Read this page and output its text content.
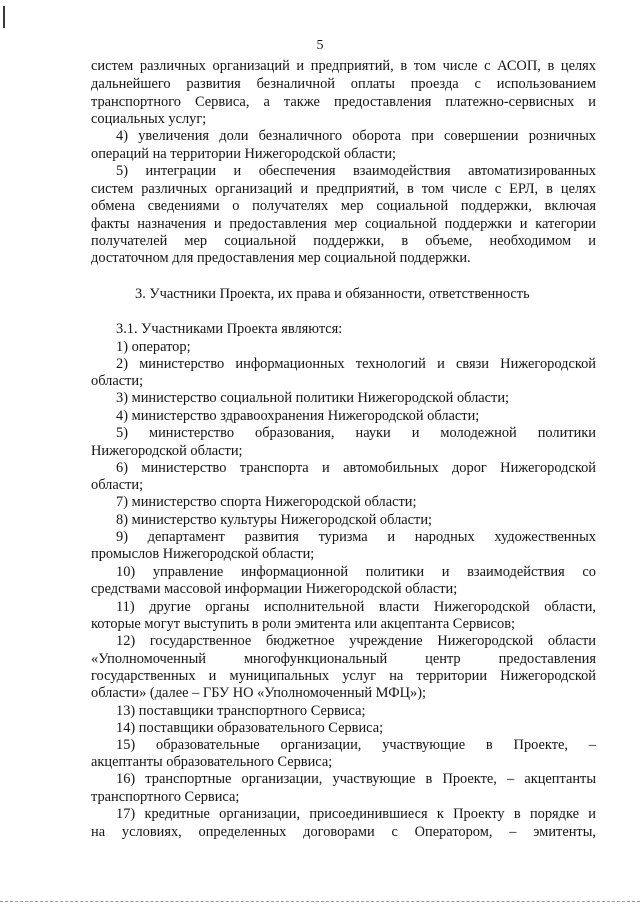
5
систем различных организаций и предприятий, в том числе с АСОП, в целях
дальнейшего развития безналичной оплаты проезда с использованием
транспортного Сервиса, а также предоставления платежно-сервисных и
социальных услуг;
4) увеличения доли безналичного оборота при совершении розничных
операций на территории Нижегородской области;
5) интеграции и обеспечения взаимодействия автоматизированных
систем различных организаций и предприятий, в том числе с ЕРЛ, в целях
обмена сведениями о получателях мер социальной поддержки, включая
факты назначения и предоставления мер социальной поддержки и категории
получателей мер социальной поддержки, в объеме, необходимом и
достаточном для предоставления мер социальной поддержки.
3. Участники Проекта, их права и обязанности, ответственность
3.1. Участниками Проекта являются:
1) оператор;
2) министерство информационных технологий и связи Нижегородской
области;
3) министерство социальной политики Нижегородской области;
4) министерство здравоохранения Нижегородской области;
5) министерство образования, науки и молодежной политики
Нижегородской области;
6) министерство транспорта и автомобильных дорог Нижегородской
области;
7) министерство спорта Нижегородской области;
8) министерство культуры Нижегородской области;
9) департамент развития туризма и народных художественных
промыслов Нижегородской области;
10) управление информационной политики и взаимодействия со
средствами массовой информации Нижегородской области;
11) другие органы исполнительной власти Нижегородской области,
которые могут выступить в роли эмитента или акцептанта Сервисов;
12) государственное бюджетное учреждение Нижегородской области
«Уполномоченный многофункциональный центр предоставления
государственных и муниципальных услуг на территории Нижегородской
области» (далее – ГБУ НО «Уполномоченный МФЦ»);
13) поставщики транспортного Сервиса;
14) поставщики образовательного Сервиса;
15) образовательные организации, участвующие в Проекте, –
акцептанты образовательного Сервиса;
16) транспортные организации, участвующие в Проекте, – акцептанты
транспортного Сервиса;
17) кредитные организации, присоединившиеся к Проекту в порядке и
на условиях, определенных договорами с Оператором, – эмитенты,
